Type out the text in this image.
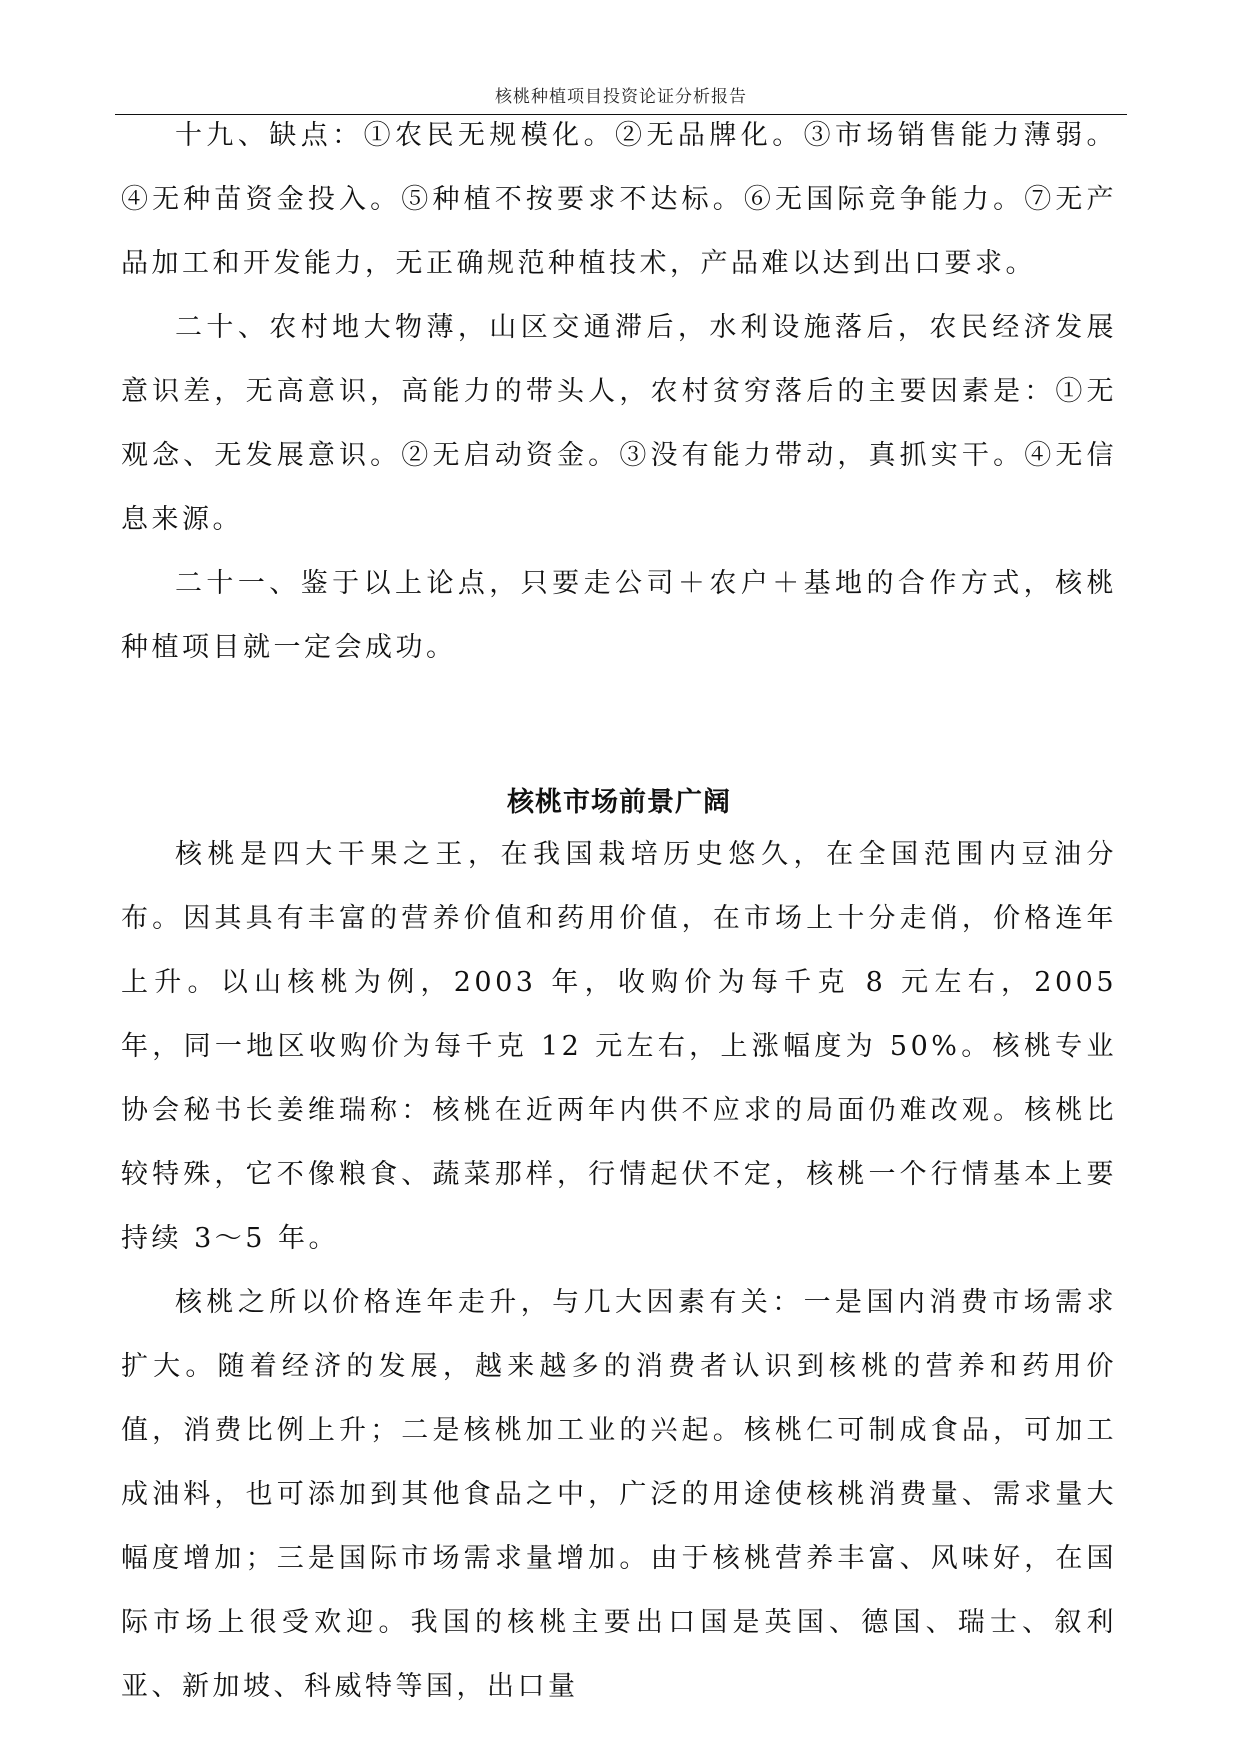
核桃种植项目投资论证分析报告

十九、缺点：①农民无规模化。②无品牌化。③市场销售能力薄弱。④无种苗资金投入。⑤种植不按要求不达标。⑥无国际竞争能力。⑦无产品加工和开发能力，无正确规范种植技术，产品难以达到出口要求。

二十、农村地大物薄，山区交通滞后，水利设施落后，农民经济发展意识差，无高意识，高能力的带头人，农村贫穷落后的主要因素是：①无观念、无发展意识。②无启动资金。③没有能力带动，真抓实干。④无信息来源。

二十一、鉴于以上论点，只要走公司＋农户＋基地的合作方式，核桃种植项目就一定会成功。

核桃市场前景广阔

核桃是四大干果之王，在我国栽培历史悠久，在全国范围内豆油分布。因其具有丰富的营养价值和药用价值，在市场上十分走俏，价格连年上升。以山核桃为例，2003 年，收购价为每千克 8 元左右，2005 年，同一地区收购价为每千克 12 元左右，上涨幅度为 50%。核桃专业协会秘书长姜维瑞称：核桃在近两年内供不应求的局面仍难改观。核桃比较特殊，它不像粮食、蔬菜那样，行情起伏不定，核桃一个行情基本上要持续 3～5 年。

核桃之所以价格连年走升，与几大因素有关：一是国内消费市场需求扩大。随着经济的发展，越来越多的消费者认识到核桃的营养和药用价值，消费比例上升；二是核桃加工业的兴起。核桃仁可制成食品，可加工成油料，也可添加到其他食品之中，广泛的用途使核桃消费量、需求量大幅度增加；三是国际市场需求量增加。由于核桃营养丰富、风味好，在国际市场上很受欢迎。我国的核桃主要出口国是英国、德国、瑞士、叙利亚、新加坡、科威特等国，出口量
